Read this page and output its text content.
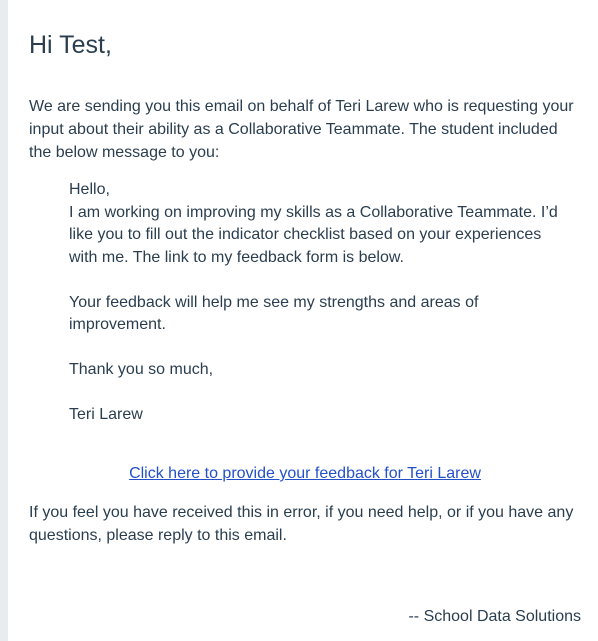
Hi Test,

We are sending you this email on behalf of Teri Larew who is requesting your input about their ability as a Collaborative Teammate. The student included the below message to you:

Hello,
I am working on improving my skills as a Collaborative Teammate. I’d like you to fill out the indicator checklist based on your experiences with me. The link to my feedback form is below.

Your feedback will help me see my strengths and areas of improvement.

Thank you so much,

Teri Larew

Click here to provide your feedback for Teri Larew

If you feel you have received this in error, if you need help, or if you have any questions, please reply to this email.

-- School Data Solutions
